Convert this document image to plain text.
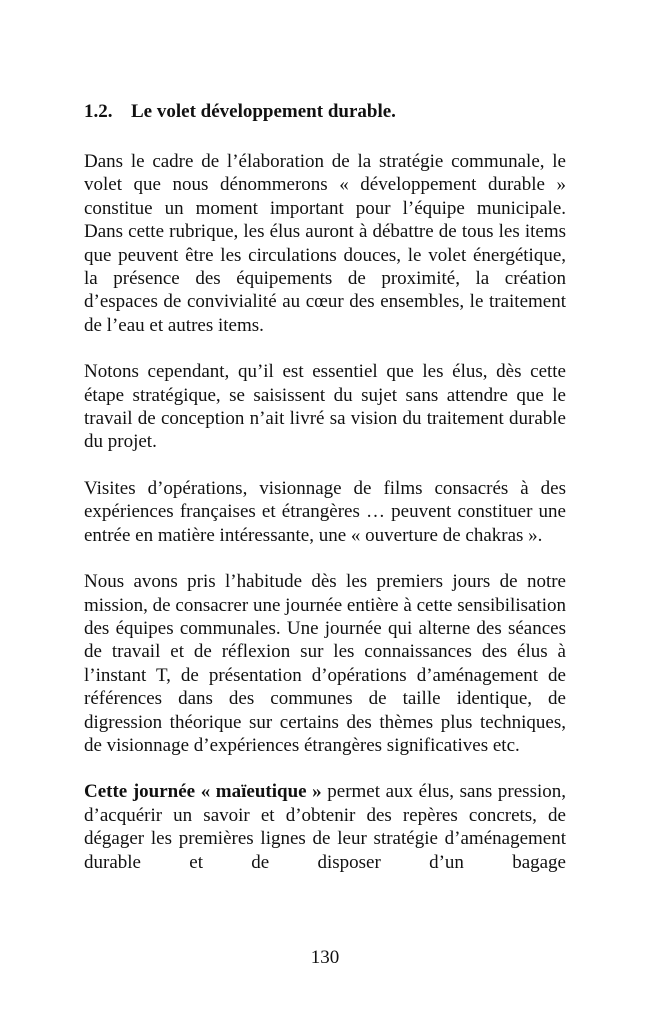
1.2. Le volet développement durable.

Dans le cadre de l’élaboration de la stratégie communale, le volet que nous dénommerons « développement durable » constitue un moment important pour l’équipe municipale. Dans cette rubrique, les élus auront à débattre de tous les items que peuvent être les circulations douces, le volet énergétique, la présence des équipements de proximité, la création d’espaces de convivialité au cœur des ensembles, le traitement de l’eau et autres items.

Notons cependant, qu’il est essentiel que les élus, dès cette étape stratégique, se saisissent du sujet sans attendre que le travail de conception n’ait livré sa vision du traitement durable du projet.

Visites d’opérations, visionnage de films consacrés à des expériences françaises et étrangères … peuvent constituer une entrée en matière intéressante, une « ouverture de chakras ».

Nous avons pris l’habitude dès les premiers jours de notre mission, de consacrer une journée entière à cette sensibilisation des équipes communales. Une journée qui alterne des séances de travail et de réflexion sur les connaissances des élus à l’instant T, de présentation d’opérations d’aménagement de références dans des communes de taille identique, de digression théorique sur certains des thèmes plus techniques, de visionnage d’expériences étrangères significatives etc.

Cette journée « maïeutique » permet aux élus, sans pression, d’acquérir un savoir et d’obtenir des repères concrets, de dégager les premières lignes de leur stratégie d’aménagement durable et de disposer d’un bagage

130
